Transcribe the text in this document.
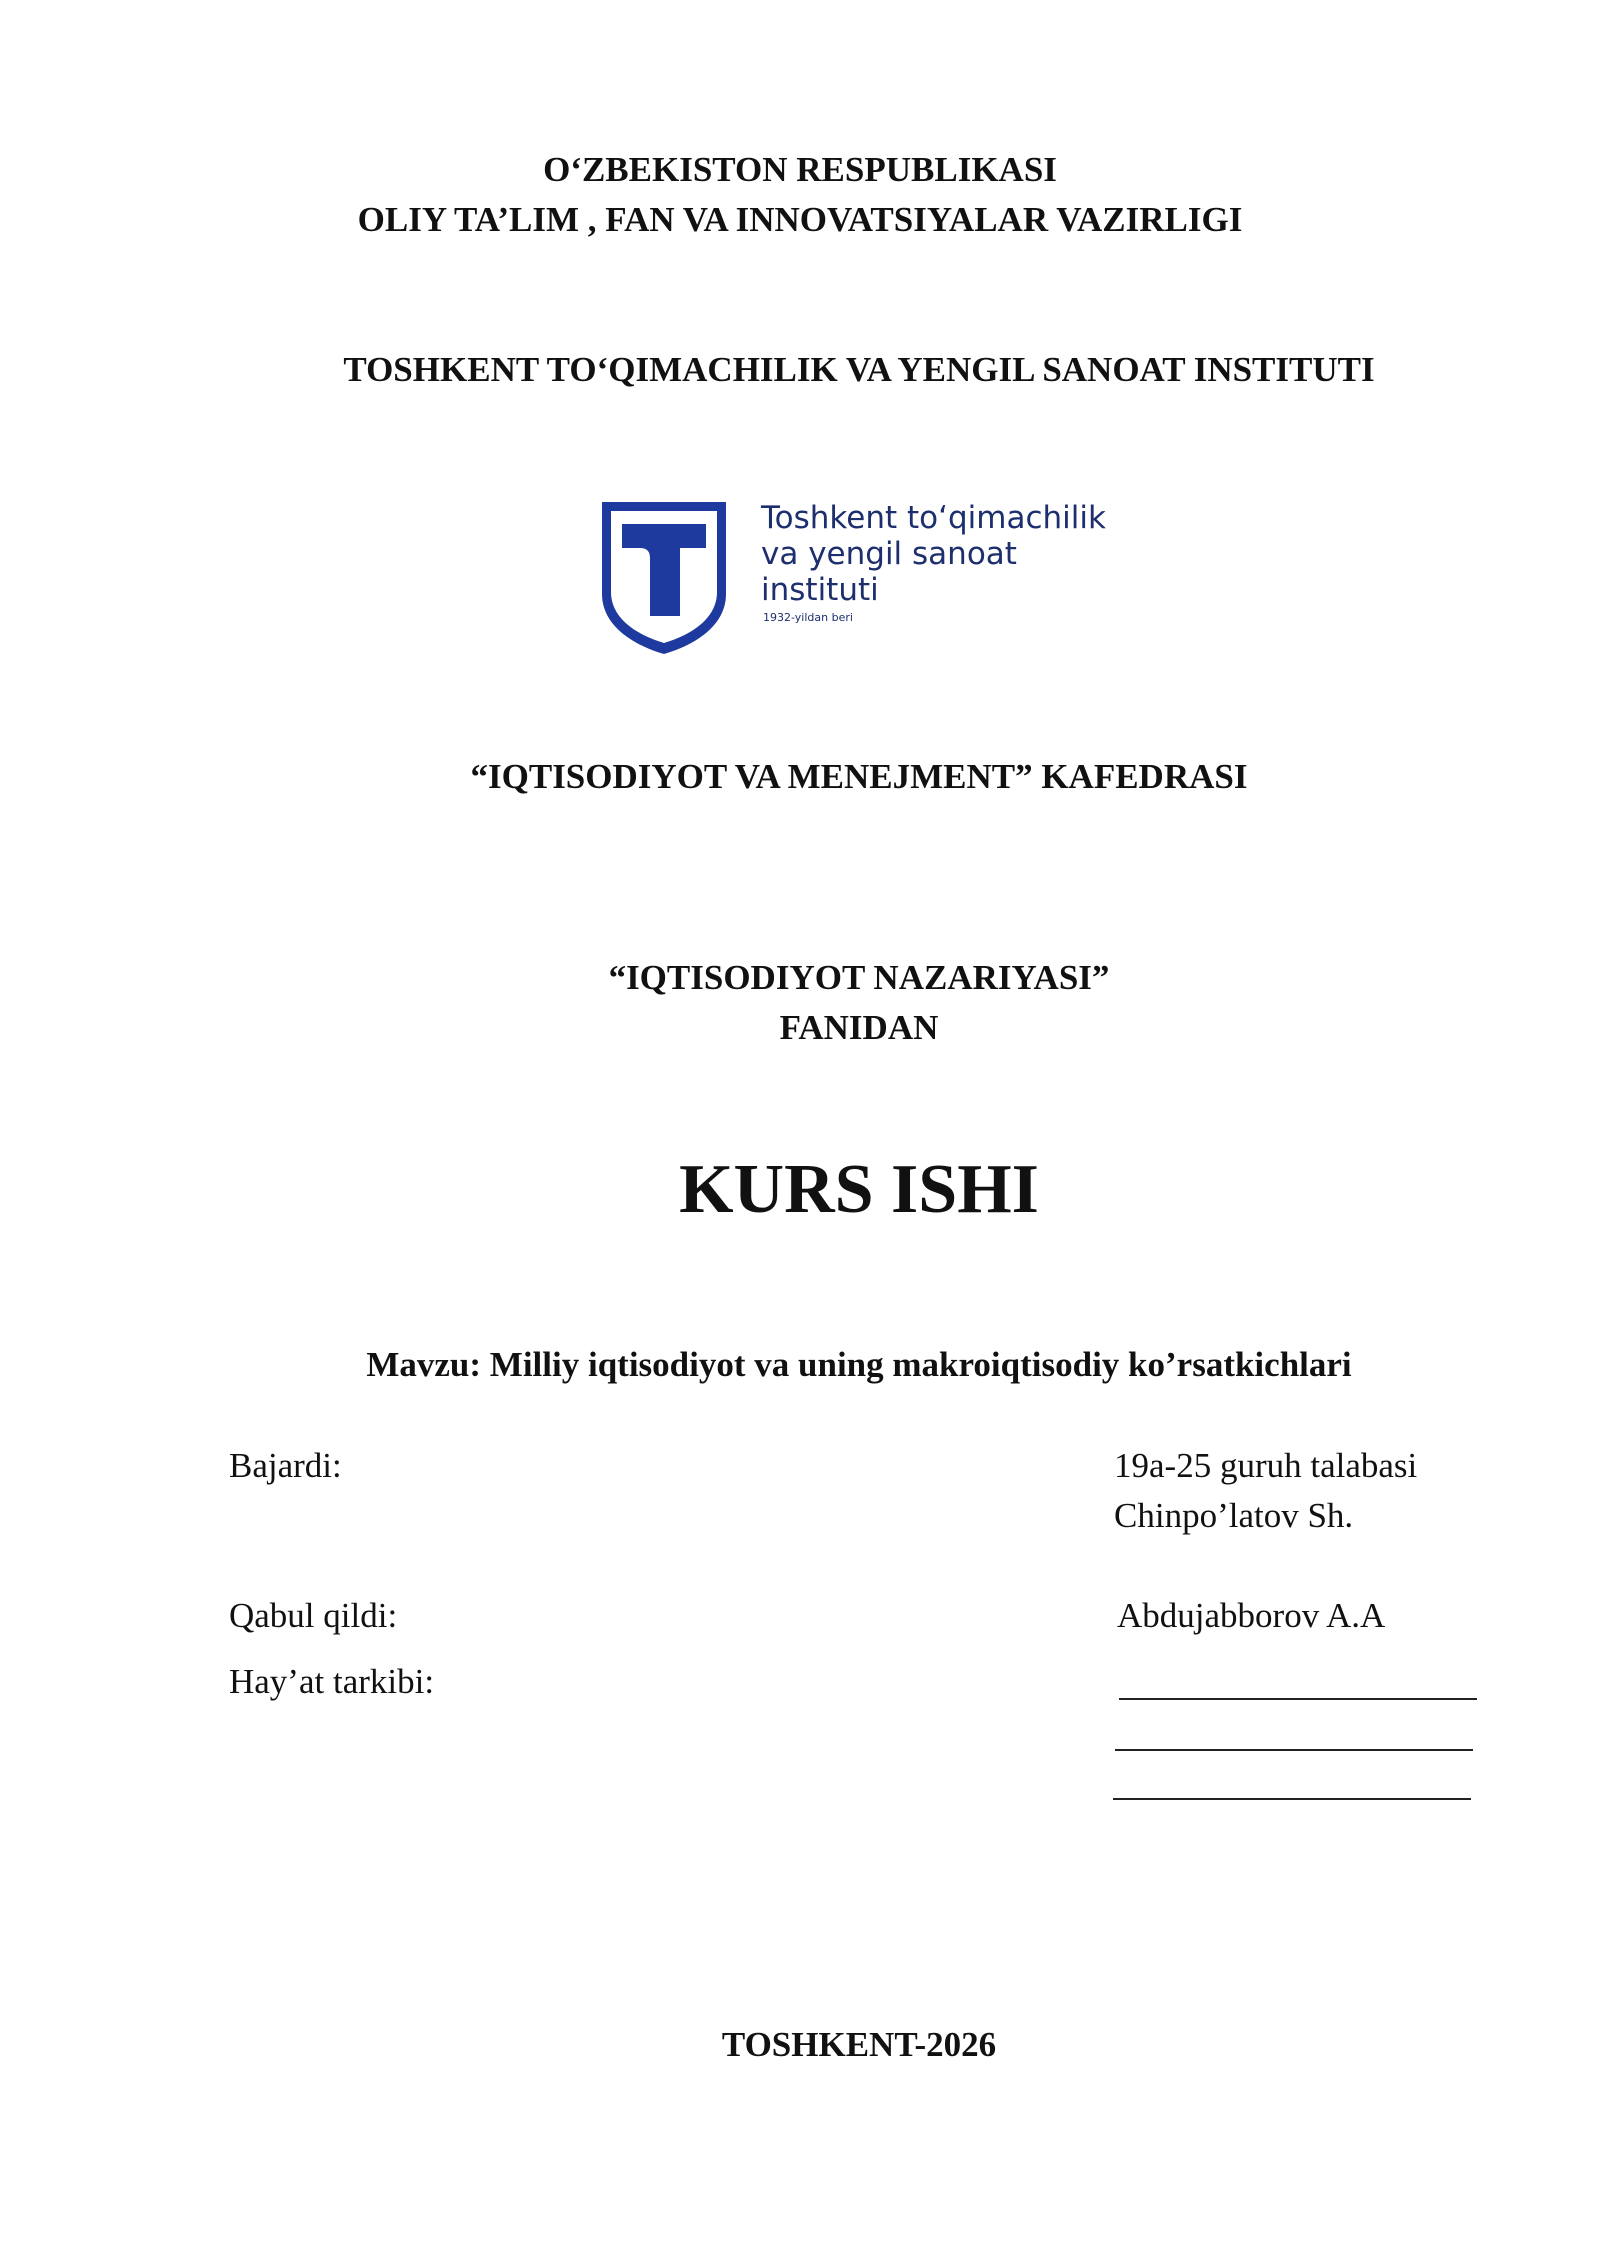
O‘ZBEKISTON RESPUBLIKASI
OLIY TA’LIM , FAN VA INNOVATSIYALAR VAZIRLIGI
TOSHKENT TO‘QIMACHILIK VA YENGIL SANOAT INSTITUTI
Toshkent to‘qimachilik
va yengil sanoat
instituti
1932-yildan beri
“IQTISODIYOT VA MENEJMENT” KAFEDRASI
“IQTISODIYOT NAZARIYASI”
FANIDAN
KURS ISHI
Mavzu: Milliy iqtisodiyot va uning makroiqtisodiy ko’rsatkichlari
Bajardi:	19a-25 guruh talabasi
Chinpo’latov Sh.
Qabul qildi:	Abdujabborov A.A
Hay’at tarkibi:
TOSHKENT-2026
